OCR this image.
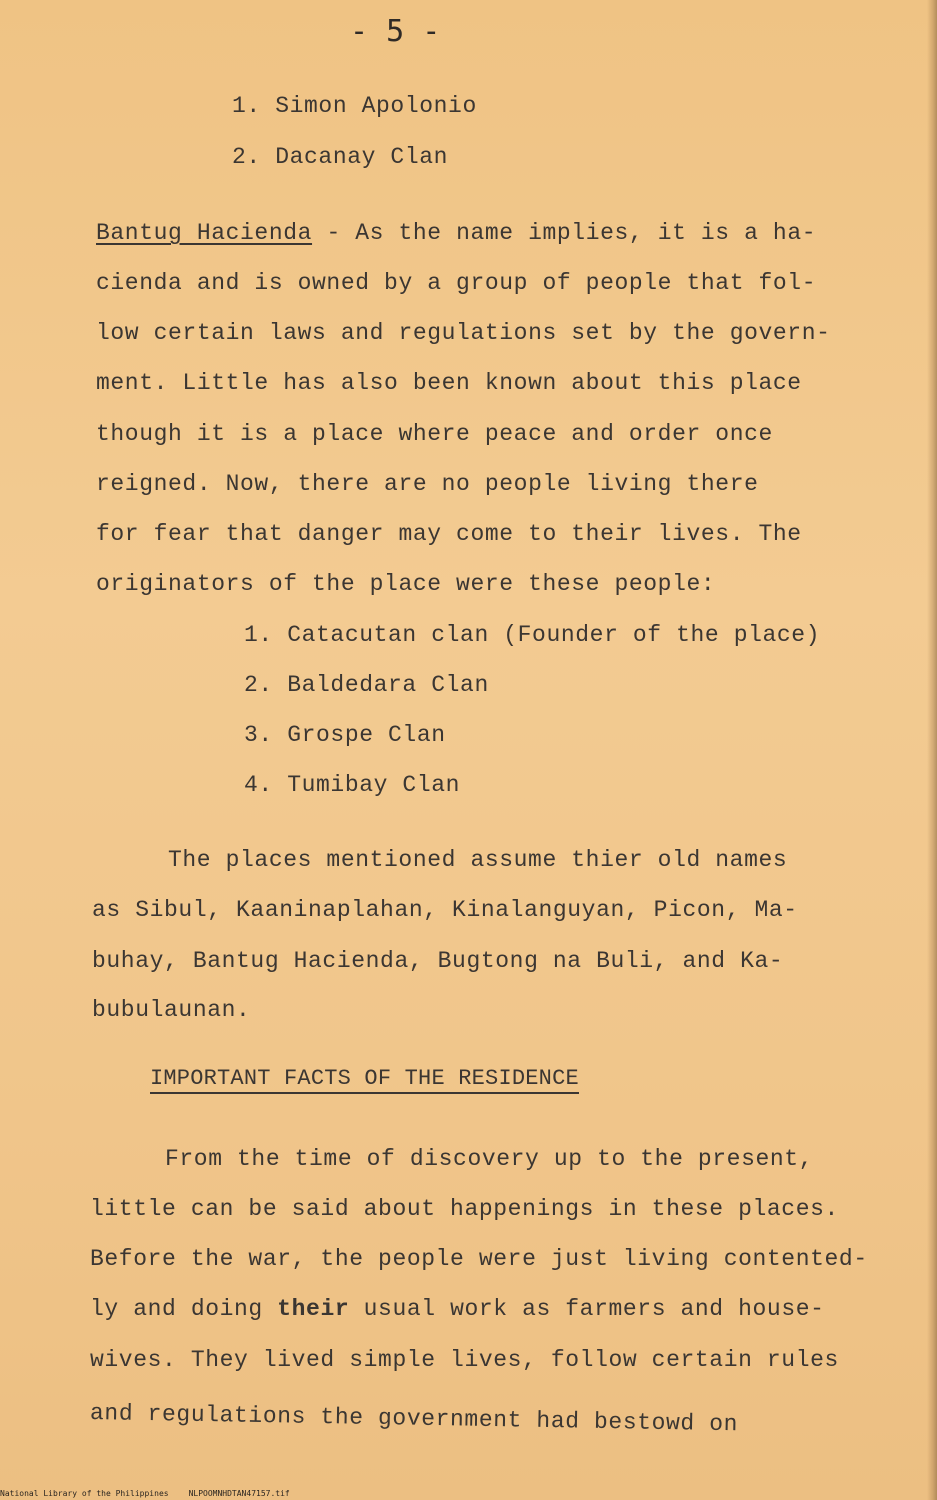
- 5 -
1. Simon Apolonio
2. Dacanay Clan
Bantug Hacienda - As the name implies, it is a ha-
cienda and is owned by a group of people that fol-
low certain laws and regulations set by the govern-
ment. Little has also been known about this place
though it is a place where peace and order once
reigned. Now, there are no people living there
for fear that danger may come to their lives. The
originators of the place were these people:
1. Catacutan clan (Founder of the place)
2. Baldedara Clan
3. Grospe Clan
4. Tumibay Clan
The places mentioned assume thier old names
as Sibul, Kaaninaplahan, Kinalanguyan, Picon, Ma-
buhay, Bantug Hacienda, Bugtong na Buli, and Ka-
bubulaunan.
IMPORTANT FACTS OF THE RESIDENCE
From the time of discovery up to the present,
little can be said about happenings in these places.
Before the war, the people were just living contented-
ly and doing their usual work as farmers and house-
wives. They lived simple lives, follow certain rules
and regulations the government had bestowd on
National Library of the Philippines	NLPOOMNHDTAN47157.tif
